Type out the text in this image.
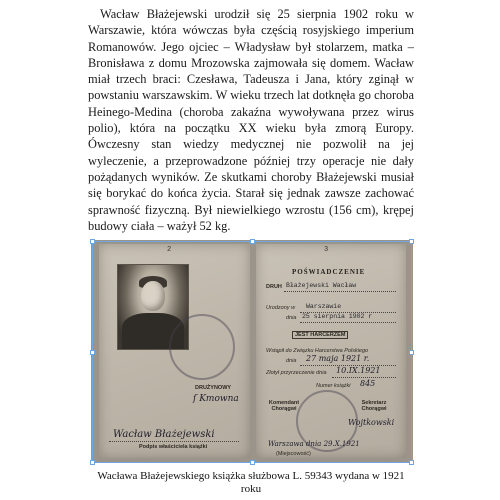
Wacław Błażejewski urodził się 25 sierpnia 1902 roku w Warszawie, która wówczas była częścią rosyjskiego imperium Romanowów. Jego ojciec – Władysław był stolarzem, matka – Bronisława z domu Mrozowska zajmowała się domem. Wacław miał trzech braci: Czesława, Tadeusza i Jana, który zginął w powstaniu warszawskim. W wieku trzech lat dotknęła go choroba Heinego-Medina (choroba zakaźna wywoływana przez wirus polio), która na początku XX wieku była zmorą Europy. Ówczesny stan wiedzy medycznej nie pozwolił na jej wyleczenie, a przeprowadzone później trzy operacje nie dały pożądanych wyników. Ze skutkami choroby Błażejewski musiał się borykać do końca życia. Starał się jednak zawsze zachować sprawność fizyczną. Był niewielkiego wzrostu (156 cm), krępej budowy ciała – ważył 52 kg.

2
DRUŻYNOWY
ſ Kmowna
Wacław Błażejewski
Podpis właściciela książki
3
POŚWIADCZENIE
DRUH Błażejewski Wacław
Urodzony w Warszawie
dnia 25 sierpnia 1902 r
JEST HARCERZEM
Wstąpił do Związku Harcerstwa Polskiego
dnia 27 maja 1921 r.
Złotył przyrzeczenie dnia 10.IX.1921
Numer książki 845
Komendant Chorągwi
Sekretarz Chorągwi
Wojtkowski
Warszawa dnia 29.X.1921
(Miejscowość)
Wacława Błażejewskiego książka służbowa L. 59343 wydana w 1921 roku
